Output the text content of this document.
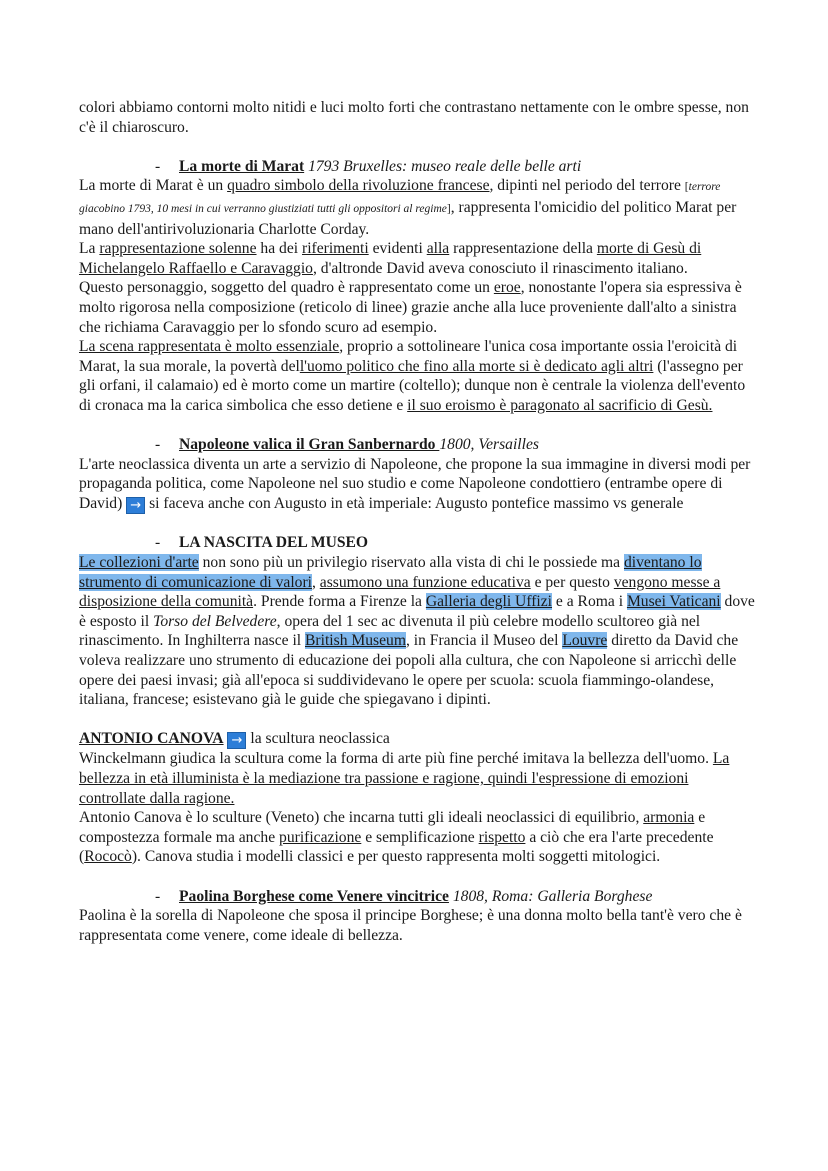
colori abbiamo contorni molto nitidi e luci molto forti che contrastano nettamente con le ombre spesse, non c'è il chiaroscuro.

- La morte di Marat 1793 Bruxelles: museo reale delle belle arti

La morte di Marat è un quadro simbolo della rivoluzione francese, dipinti nel periodo del terrore [terrore giacobino 1793, 10 mesi in cui verranno giustiziati tutti gli oppositori al regime], rappresenta l'omicidio del politico Marat per mano dell'antirivoluzionaria Charlotte Corday.

La rappresentazione solenne ha dei riferimenti evidenti alla rappresentazione della morte di Gesù di Michelangelo Raffaello e Caravaggio, d'altronde David aveva conosciuto il rinascimento italiano.

Questo personaggio, soggetto del quadro è rappresentato come un eroe, nonostante l'opera sia espressiva è molto rigorosa nella composizione (reticolo di linee) grazie anche alla luce proveniente dall'alto a sinistra che richiama Caravaggio per lo sfondo scuro ad esempio.

La scena rappresentata è molto essenziale, proprio a sottolineare l'unica cosa importante ossia l'eroicità di Marat, la sua morale, la povertà dell'uomo politico che fino alla morte si è dedicato agli altri (l'assegno per gli orfani, il calamaio) ed è morto come un martire (coltello); dunque non è centrale la violenza dell'evento di cronaca ma la carica simbolica che esso detiene e il suo eroismo è paragonato al sacrificio di Gesù.

- Napoleone valica il Gran Sanbernardo 1800, Versailles

L'arte neoclassica diventa un arte a servizio di Napoleone, che propone la sua immagine in diversi modi per propaganda politica, come Napoleone nel suo studio e come Napoleone condottiero (entrambe opere di David) → si faceva anche con Augusto in età imperiale: Augusto pontefice massimo vs generale

- LA NASCITA DEL MUSEO

Le collezioni d'arte non sono più un privilegio riservato alla vista di chi le possiede ma diventano lo strumento di comunicazione di valori, assumono una funzione educativa e per questo vengono messe a disposizione della comunità. Prende forma a Firenze la Galleria degli Uffizi e a Roma i Musei Vaticani dove è esposto il Torso del Belvedere, opera del 1 sec ac divenuta il più celebre modello scultoreo già nel rinascimento. In Inghilterra nasce il British Museum, in Francia il Museo del Louvre diretto da David che voleva realizzare uno strumento di educazione dei popoli alla cultura, che con Napoleone si arricchì delle opere dei paesi invasi; già all'epoca si suddividevano le opere per scuola: scuola fiammingo-olandese, italiana, francese; esistevano già le guide che spiegavano i dipinti.

ANTONIO CANOVA → la scultura neoclassica

Winckelmann giudica la scultura come la forma di arte più fine perché imitava la bellezza dell'uomo. La bellezza in età illuminista è la mediazione tra passione e ragione, quindi l'espressione di emozioni controllate dalla ragione.

Antonio Canova è lo sculture (Veneto) che incarna tutti gli ideali neoclassici di equilibrio, armonia e compostezza formale ma anche purificazione e semplificazione rispetto a ciò che era l'arte precedente (Rococò). Canova studia i modelli classici e per questo rappresenta molti soggetti mitologici.

- Paolina Borghese come Venere vincitrice 1808, Roma: Galleria Borghese

Paolina è la sorella di Napoleone che sposa il principe Borghese; è una donna molto bella tant'è vero che è rappresentata come venere, come ideale di bellezza.
